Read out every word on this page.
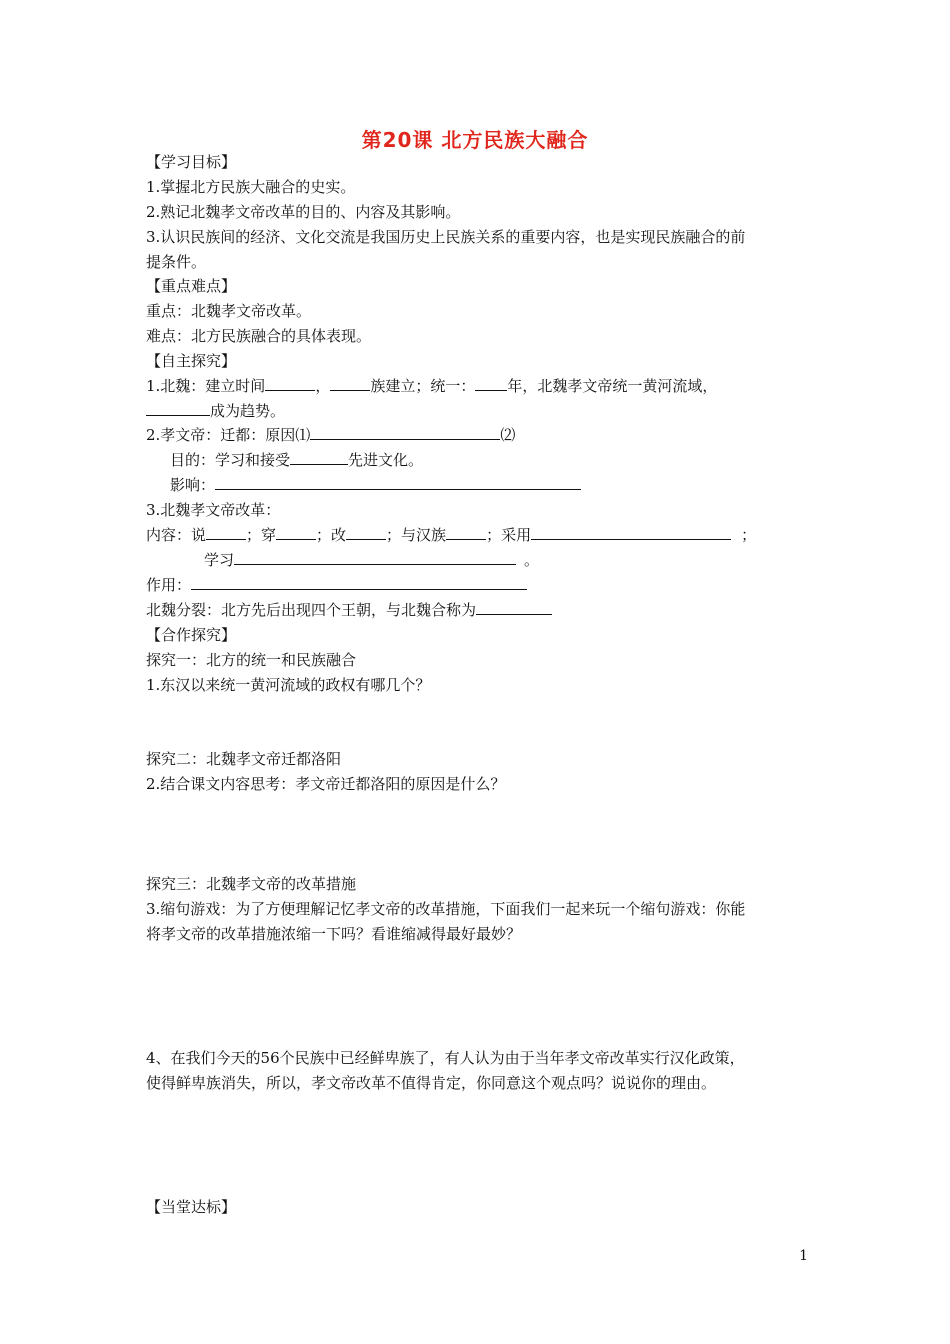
第20课 北方民族大融合
【学习目标】
1.掌握北方民族大融合的史实。
2.熟记北魏孝文帝改革的目的、内容及其影响。
3.认识民族间的经济、文化交流是我国历史上民族关系的重要内容，也是实现民族融合的前
提条件。
【重点难点】
重点：北魏孝文帝改革。
难点：北方民族融合的具体表现。
【自主探究】
1.北魏：建立时间	，	族建立；统一： 年，北魏孝文帝统一黄河流域，
成为趋势。
2.孝文帝：迁都：原因⑴	⑵
目的：学习和接受	先进文化。
影响：
3.北魏孝文帝改革：
内容：说	；穿	；改	；与汉族	；采用	；
学习	。
作用：
北魏分裂：北方先后出现四个王朝，与北魏合称为
【合作探究】
探究一：北方的统一和民族融合
1.东汉以来统一黄河流域的政权有哪几个？
探究二：北魏孝文帝迁都洛阳
2.结合课文内容思考：孝文帝迁都洛阳的原因是什么？
探究三：北魏孝文帝的改革措施
3.缩句游戏：为了方便理解记忆孝文帝的改革措施，下面我们一起来玩一个缩句游戏：你能
将孝文帝的改革措施浓缩一下吗？看谁缩减得最好最妙？
4、在我们今天的56个民族中已经鲜卑族了，有人认为由于当年孝文帝改革实行汉化政策，
使得鲜卑族消失，所以，孝文帝改革不值得肯定，你同意这个观点吗？说说你的理由。
【当堂达标】
1
